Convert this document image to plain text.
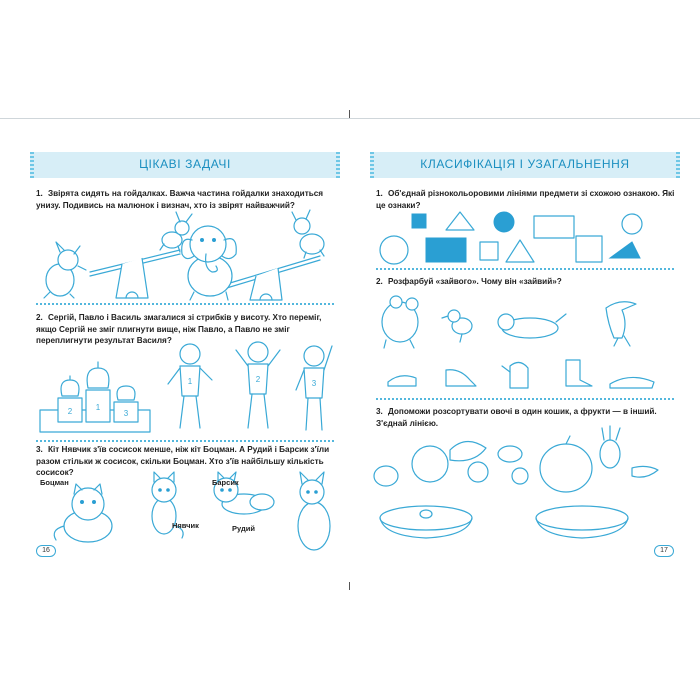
ЦІКАВІ ЗАДАЧІ
1. Звірята сидять на гойдалках. Важча частина гойдалки знаходиться унизу. Подивись на малюнок і визнач, хто із звірят найважчий?
2. Сергій, Павло і Василь змагалися зі стрибків у висоту. Хто переміг, якщо Сергій не зміг плигнути вище, ніж Павло, а Павло не зміг переплигнути результат Василя?
2	1
3
1	2	3
3. Кіт Нявчик з'їв сосисок менше, ніж кіт Боцман. А Рудий і Барсик з'їли разом стільки ж сосисок, скільки Боцман. Хто з'їв найбільшу кількість сосисок?
Боцман	Барсик
Нявчик	Рудий
16
КЛАСИФІКАЦІЯ І УЗАГАЛЬНЕННЯ
1. Об'єднай різнокольоровими лініями предмети зі схожою ознакою. Які це ознаки?
2. Розфарбуй «зайвого». Чому він «зайвий»?
3. Допоможи розсортувати овочі в один кошик, а фрукти — в інший. З'єднай лінією.
17
